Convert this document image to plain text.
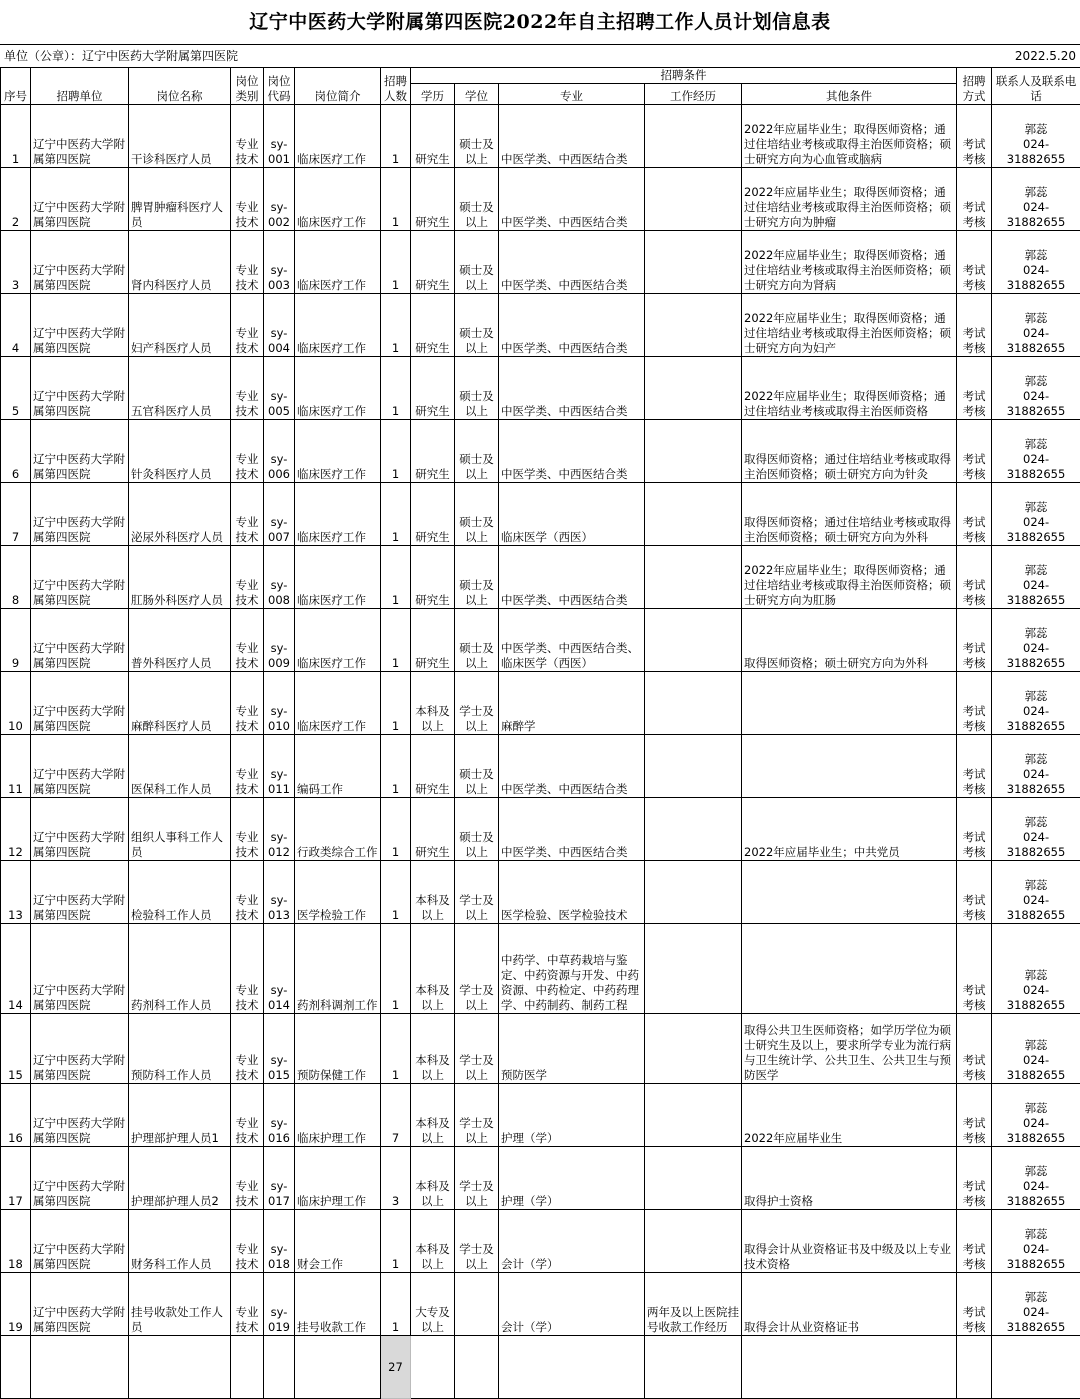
辽宁中医药大学附属第四医院2022年自主招聘工作人员计划信息表
单位（公章）：辽宁中医药大学附属第四医院	2022.5.20
序号	招聘单位	岗位名称	岗位类别	岗位代码	岗位简介	招聘人数	招聘条件					招聘方式	联系人及联系电话
							学历	学位	专业	工作经历	其他条件		
1	辽宁中医药大学附属第四医院	干诊科医疗人员	专业技术	sy-001	临床医疗工作	1	研究生	硕士及以上	中医学类、中西医结合类		2022年应届毕业生；取得医师资格；通过住培结业考核或取得主治医师资格；硕士研究方向为心血管或脑病	考试考核	郭蕊
024-31882655

2	辽宁中医药大学附属第四医院	脾胃肿瘤科医疗人员	专业技术	sy-002	临床医疗工作	1	研究生	硕士及以上	中医学类、中西医结合类		2022年应届毕业生；取得医师资格；通过住培结业考核或取得主治医师资格；硕士研究方向为肿瘤	考试考核	郭蕊
024-31882655

3	辽宁中医药大学附属第四医院	肾内科医疗人员	专业技术	sy-003	临床医疗工作	1	研究生	硕士及以上	中医学类、中西医结合类		2022年应届毕业生；取得医师资格；通过住培结业考核或取得主治医师资格；硕士研究方向为肾病	考试考核	郭蕊
024-31882655

4	辽宁中医药大学附属第四医院	妇产科医疗人员	专业技术	sy-004	临床医疗工作	1	研究生	硕士及以上	中医学类、中西医结合类		2022年应届毕业生；取得医师资格；通过住培结业考核或取得主治医师资格；硕士研究方向为妇产	考试考核	郭蕊
024-31882655

5	辽宁中医药大学附属第四医院	五官科医疗人员	专业技术	sy-005	临床医疗工作	1	研究生	硕士及以上	中医学类、中西医结合类		2022年应届毕业生；取得医师资格；通过住培结业考核或取得主治医师资格	考试考核	郭蕊
024-31882655

6	辽宁中医药大学附属第四医院	针灸科医疗人员	专业技术	sy-006	临床医疗工作	1	研究生	硕士及以上	中医学类、中西医结合类		取得医师资格；通过住培结业考核或取得主治医师资格；硕士研究方向为针灸	考试考核	郭蕊
024-31882655

7	辽宁中医药大学附属第四医院	泌尿外科医疗人员	专业技术	sy-007	临床医疗工作	1	研究生	硕士及以上	临床医学（西医）		取得医师资格；通过住培结业考核或取得主治医师资格；硕士研究方向为外科	考试考核	郭蕊
024-31882655

8	辽宁中医药大学附属第四医院	肛肠外科医疗人员	专业技术	sy-008	临床医疗工作	1	研究生	硕士及以上	中医学类、中西医结合类		2022年应届毕业生；取得医师资格；通过住培结业考核或取得主治医师资格；硕士研究方向为肛肠	考试考核	郭蕊
024-31882655

9	辽宁中医药大学附属第四医院	普外科医疗人员	专业技术	sy-009	临床医疗工作	1	研究生	硕士及以上	中医学类、中西医结合类、临床医学（西医）		取得医师资格；硕士研究方向为外科	考试考核	郭蕊
024-31882655

10	辽宁中医药大学附属第四医院	麻醉科医疗人员	专业技术	sy-010	临床医疗工作	1	本科及以上	学士及以上	麻醉学			考试考核	郭蕊
024-31882655

11	辽宁中医药大学附属第四医院	医保科工作人员	专业技术	sy-011	编码工作	1	研究生	硕士及以上	中医学类、中西医结合类			考试考核	郭蕊
024-31882655

12	辽宁中医药大学附属第四医院	组织人事科工作人员	专业技术	sy-012	行政类综合工作	1	研究生	硕士及以上	中医学类、中西医结合类		2022年应届毕业生；中共党员	考试考核	郭蕊
024-31882655

13	辽宁中医药大学附属第四医院	检验科工作人员	专业技术	sy-013	医学检验工作	1	本科及以上	学士及以上	医学检验、医学检验技术			考试考核	郭蕊
024-31882655

14	辽宁中医药大学附属第四医院	药剂科工作人员	专业技术	sy-014	药剂科调剂工作	1	本科及以上	学士及以上	中药学、中草药栽培与鉴定、中药资源与开发、中药资源、中药检定、中药药理学、中药制药、制药工程			考试考核	郭蕊
024-31882655

15	辽宁中医药大学附属第四医院	预防科工作人员	专业技术	sy-015	预防保健工作	1	本科及以上	学士及以上	预防医学		取得公共卫生医师资格；如学历学位为硕士研究生及以上，要求所学专业为流行病与卫生统计学、公共卫生、公共卫生与预防医学	考试考核	郭蕊
024-31882655

16	辽宁中医药大学附属第四医院	护理部护理人员1	专业技术	sy-016	临床护理工作	7	本科及以上	学士及以上	护理（学）		2022年应届毕业生	考试考核	郭蕊
024-31882655

17	辽宁中医药大学附属第四医院	护理部护理人员2	专业技术	sy-017	临床护理工作	3	本科及以上	学士及以上	护理（学）		取得护士资格	考试考核	郭蕊
024-31882655

18	辽宁中医药大学附属第四医院	财务科工作人员	专业技术	sy-018	财会工作	1	本科及以上	学士及以上	会计（学）		取得会计从业资格证书及中级及以上专业技术资格	考试考核	郭蕊
024-31882655

19	辽宁中医药大学附属第四医院	挂号收款处工作人员	专业技术	sy-019	挂号收款工作	1	大专及以上		会计（学）	两年及以上医院挂号收款工作经历	取得会计从业资格证书	考试考核	郭蕊
024-31882655

						27							
